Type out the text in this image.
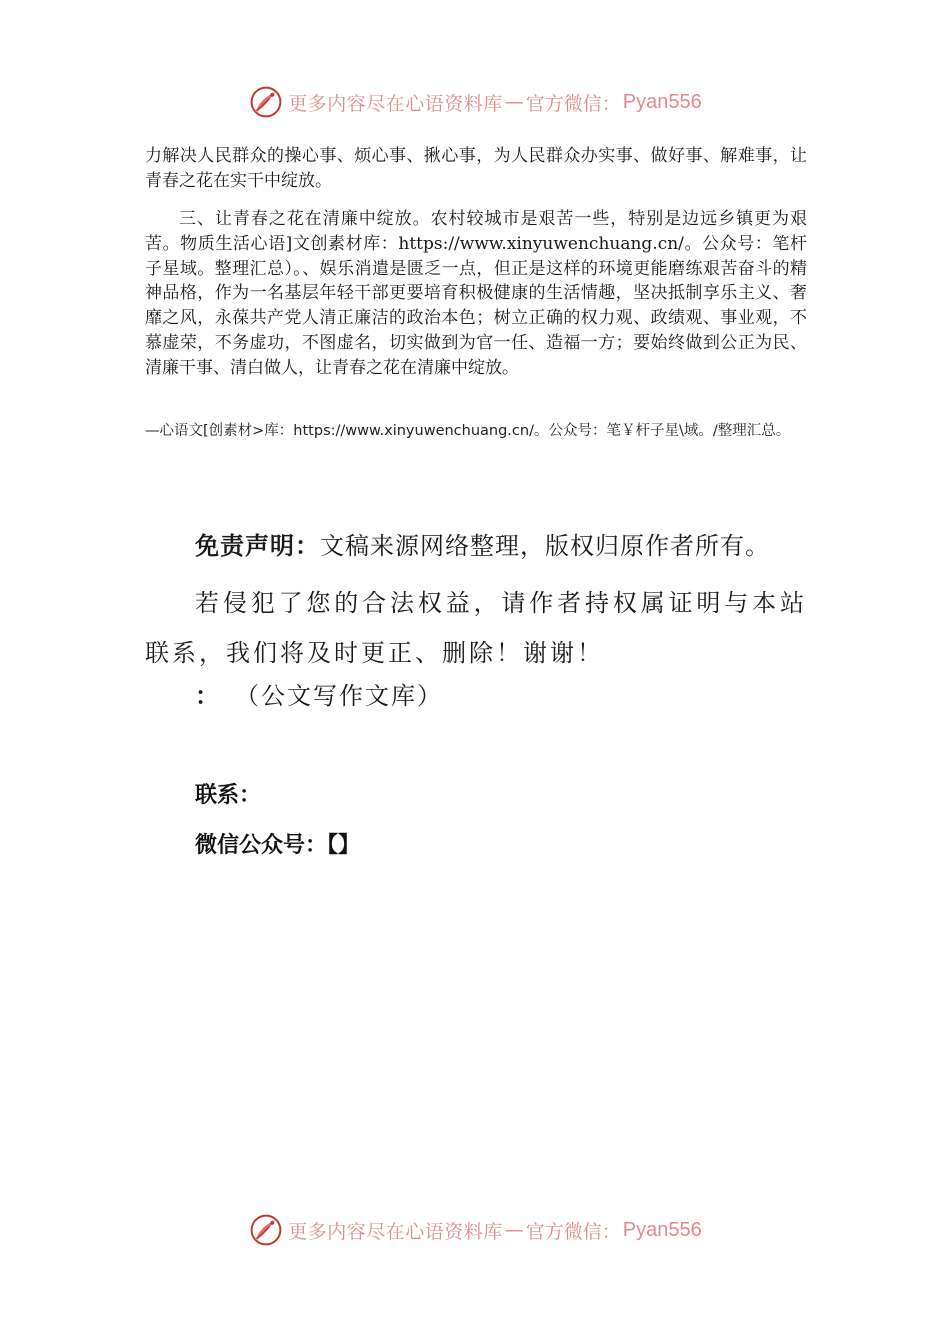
更多内容尽在心语资料库 — 官方微信： Pyan556

力解决人民群众的操心事、烦心事、揪心事，为人民群众办实事、做好事、解难事，让青春之花在实干中绽放。

三、让青春之花在清廉中绽放。农村较城市是艰苦一些，特别是边远乡镇更为艰苦。物质生活心语]文创素材库：https://www.xinyuwenchuang.cn/。公众号：笔杆子星域。整理汇总）。、娱乐消遣是匮乏一点，但正是这样的环境更能磨练艰苦奋斗的精神品格，作为一名基层年轻干部更要培育积极健康的生活情趣，坚决抵制享乐主义、奢靡之风，永葆共产党人清正廉洁的政治本色；树立正确的权力观、政绩观、事业观，不慕虚荣，不务虚功，不图虚名，切实做到为官一任、造福一方；要始终做到公正为民、清廉干事、清白做人，让青春之花在清廉中绽放。

—心语文[创素材>库：https://www.xinyuwenchuang.cn/。公众号：笔￥杆子星\域。/整理汇总。

免责声明：文稿来源网络整理，版权归原作者所有。

若侵犯了您的合法权益，请作者持权属证明与本站联系，我们将及时更正、删除！谢谢！

： （公文写作文库）

联系：

微信公众号：【】

更多内容尽在心语资料库 — 官方微信： Pyan556
